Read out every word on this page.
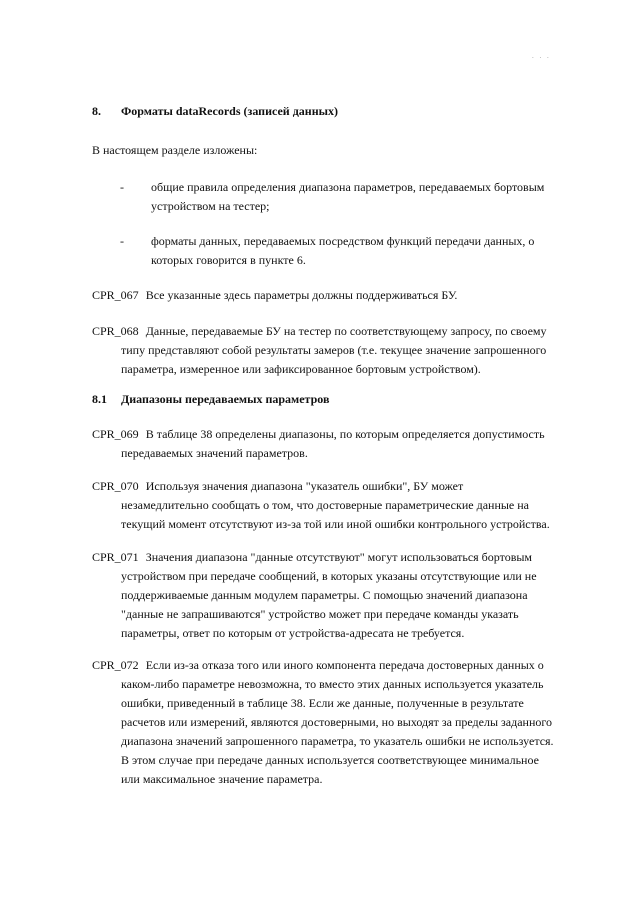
. . .
8. Форматы dataRecords (записей данных)
В настоящем разделе изложены:
- общие правила определения диапазона параметров, передаваемых бортовым
устройством на тестер;
- форматы данных, передаваемых посредством функций передачи данных, о
которых говорится в пункте 6.
CPR_067 Все указанные здесь параметры должны поддерживаться БУ.
CPR_068 Данные, передаваемые БУ на тестер по соответствующему запросу, по своему
типу представляют собой результаты замеров (т.е. текущее значение запрошенного
параметра, измеренное или зафиксированное бортовым устройством).
8.1 Диапазоны передаваемых параметров
CPR_069 В таблице 38 определены диапазоны, по которым определяется допустимость
передаваемых значений параметров.
CPR_070 Используя значения диапазона "указатель ошибки", БУ может
незамедлительно сообщать о том, что достоверные параметрические данные на
текущий момент отсутствуют из-за той или иной ошибки контрольного устройства.
CPR_071 Значения диапазона "данные отсутствуют" могут использоваться бортовым
устройством при передаче сообщений, в которых указаны отсутствующие или не
поддерживаемые данным модулем параметры. С помощью значений диапазона
"данные не запрашиваются" устройство может при передаче команды указать
параметры, ответ по которым от устройства-адресата не требуется.
CPR_072 Если из-за отказа того или иного компонента передача достоверных данных о
каком-либо параметре невозможна, то вместо этих данных используется указатель
ошибки, приведенный в таблице 38. Если же данные, полученные в результате
расчетов или измерений, являются достоверными, но выходят за пределы заданного
диапазона значений запрошенного параметра, то указатель ошибки не используется.
В этом случае при передаче данных используется соответствующее минимальное
или максимальное значение параметра.
